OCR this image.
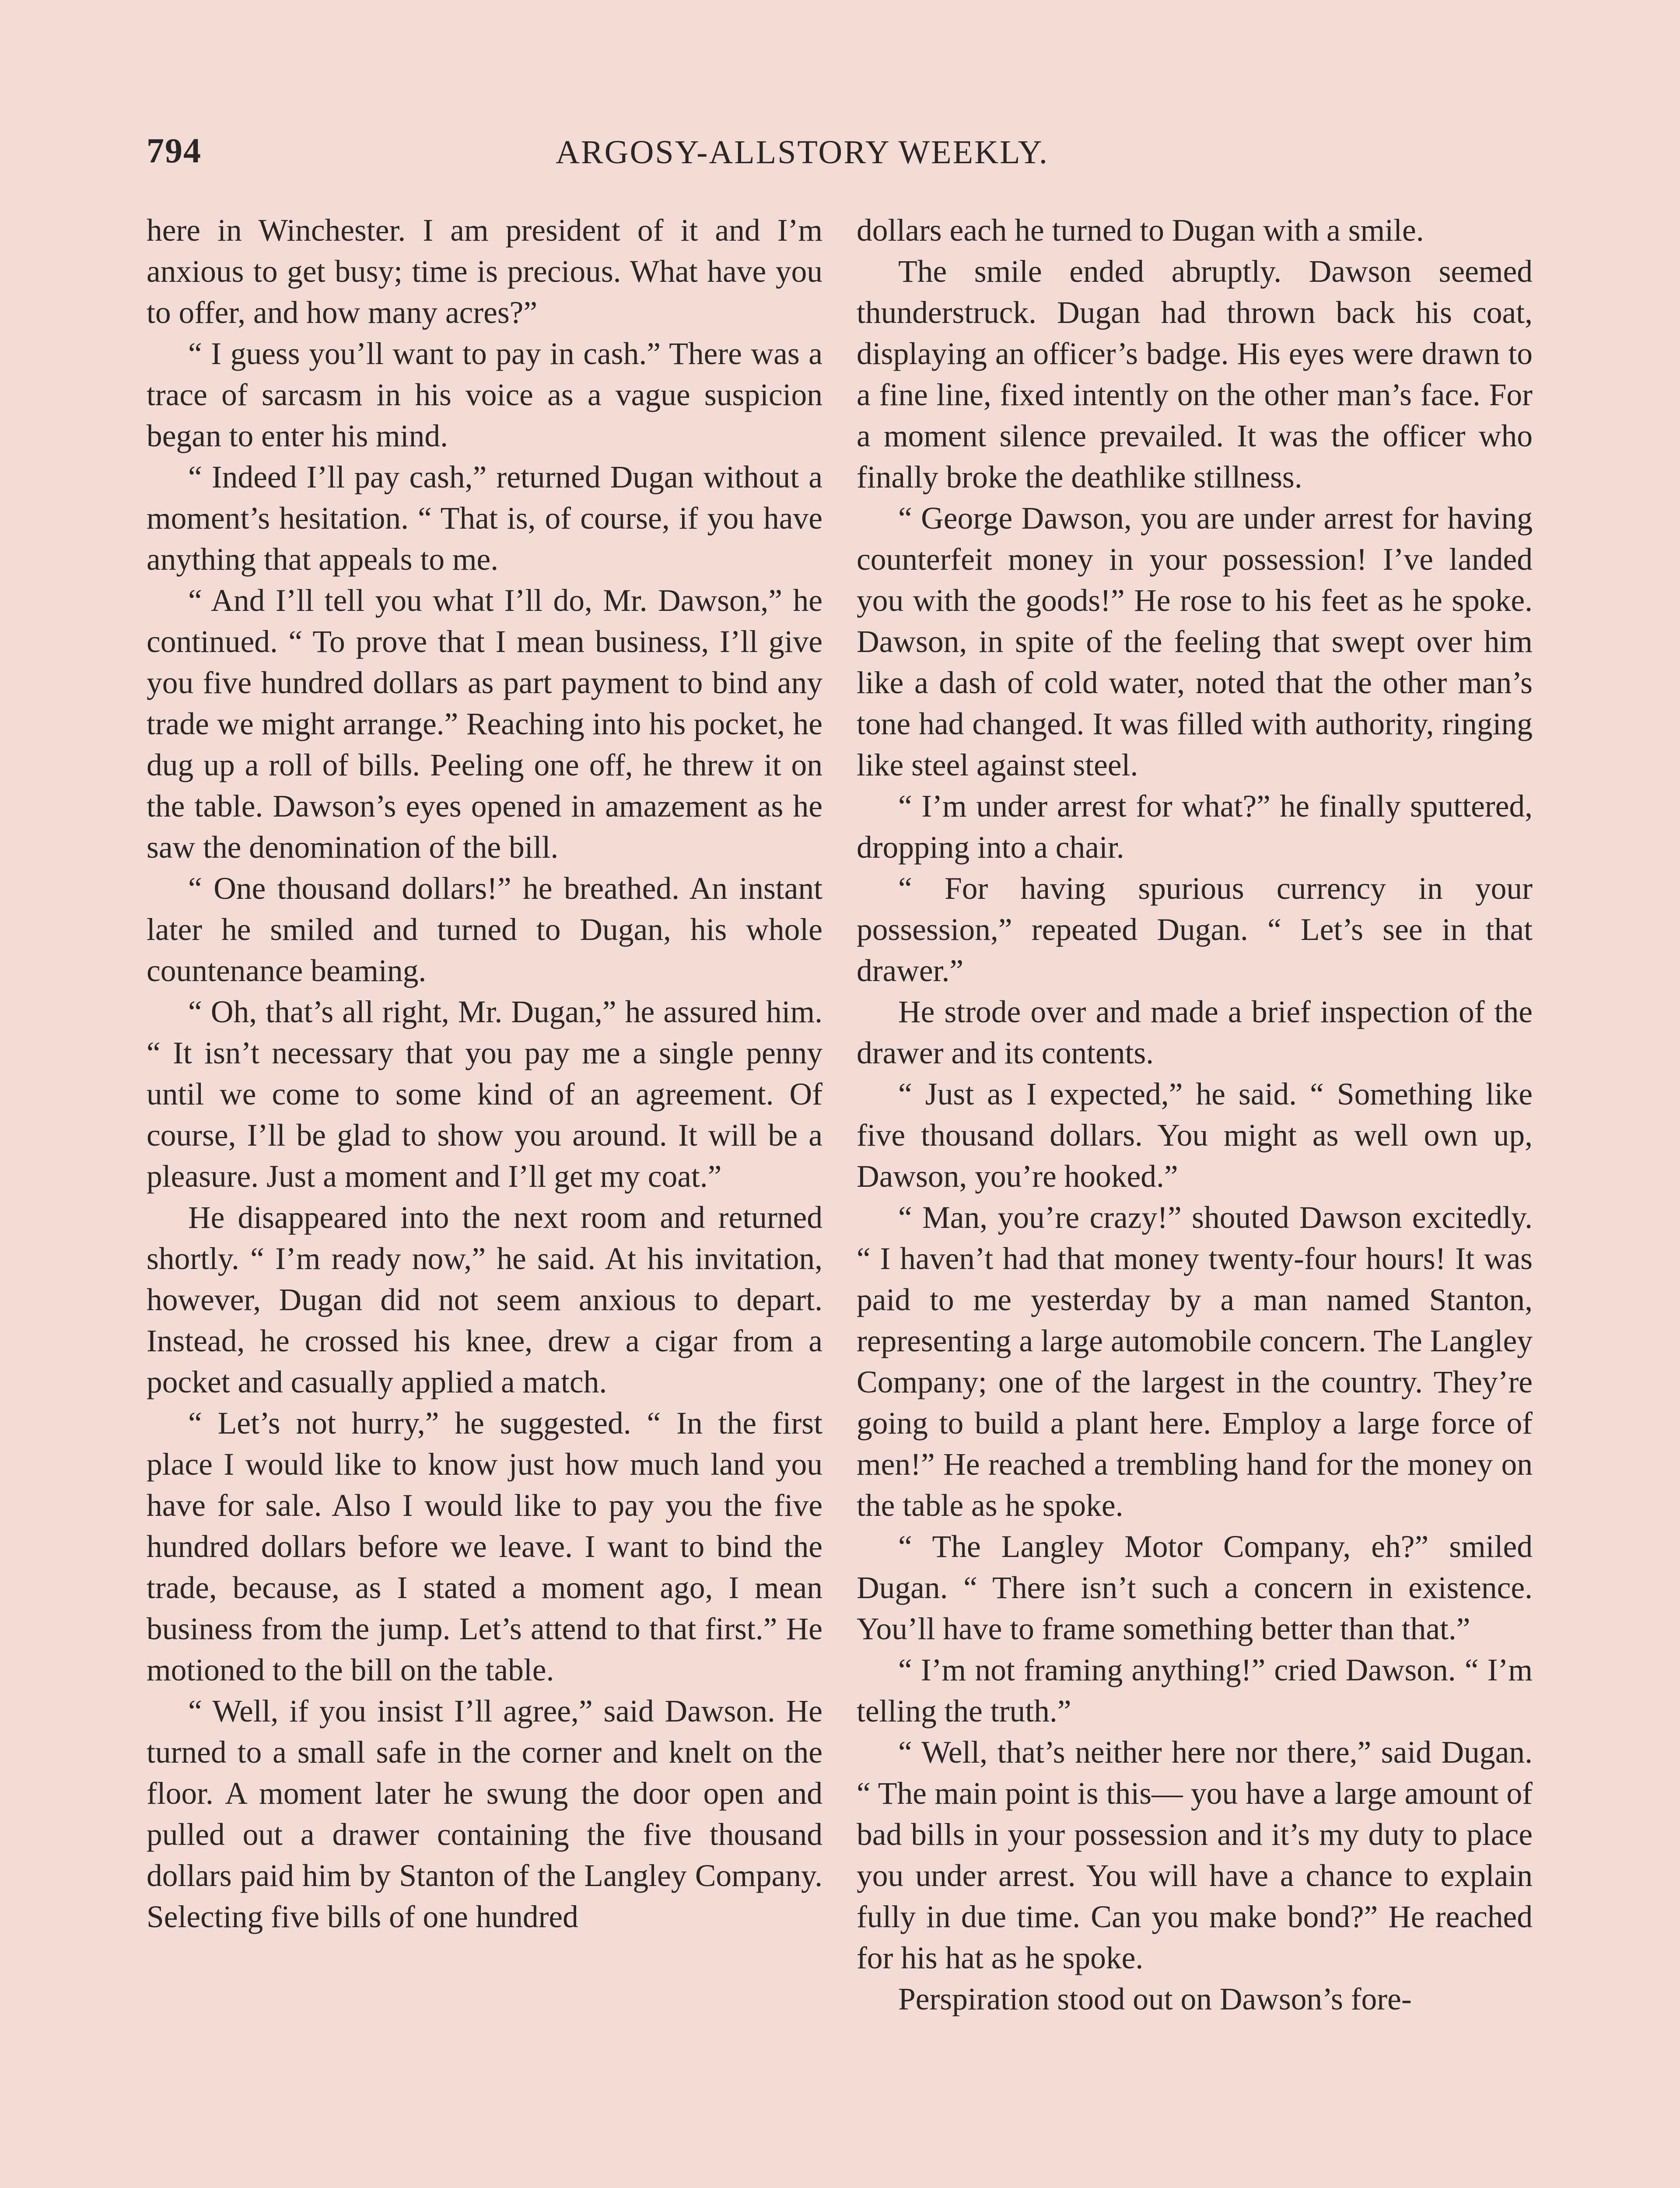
794	ARGOSY-ALLSTORY WEEKLY.

here in Winchester. I am president of it and I’m anxious to get busy; time is precious. What have you to offer, and how many acres?”

“ I guess you’ll want to pay in cash.” There was a trace of sarcasm in his voice as a vague suspicion began to enter his mind.

“ Indeed I’ll pay cash,” returned Dugan without a moment’s hesitation. “ That is, of course, if you have anything that appeals to me.

“ And I’ll tell you what I’ll do, Mr. Dawson,” he continued. “ To prove that I mean business, I’ll give you five hundred dollars as part payment to bind any trade we might arrange.” Reaching into his pocket, he dug up a roll of bills. Peeling one off, he threw it on the table. Dawson’s eyes opened in amazement as he saw the denomination of the bill.

“ One thousand dollars!” he breathed. An instant later he smiled and turned to Dugan, his whole countenance beaming.

“ Oh, that’s all right, Mr. Dugan,” he assured him. “ It isn’t necessary that you pay me a single penny until we come to some kind of an agreement. Of course, I’ll be glad to show you around. It will be a pleasure. Just a moment and I’ll get my coat.”

He disappeared into the next room and returned shortly. “ I’m ready now,” he said. At his invitation, however, Dugan did not seem anxious to depart. Instead, he crossed his knee, drew a cigar from a pocket and casually applied a match.

“ Let’s not hurry,” he suggested. “ In the first place I would like to know just how much land you have for sale. Also I would like to pay you the five hundred dollars before we leave. I want to bind the trade, because, as I stated a moment ago, I mean business from the jump. Let’s attend to that first.” He motioned to the bill on the table.

“ Well, if you insist I’ll agree,” said Dawson. He turned to a small safe in the corner and knelt on the floor. A moment later he swung the door open and pulled out a drawer containing the five thousand dollars paid him by Stanton of the Langley Company. Selecting five bills of one hundred

dollars each he turned to Dugan with a smile.

The smile ended abruptly. Dawson seemed thunderstruck. Dugan had thrown back his coat, displaying an officer’s badge. His eyes were drawn to a fine line, fixed intently on the other man’s face. For a moment silence prevailed. It was the officer who finally broke the deathlike stillness.

“ George Dawson, you are under arrest for having counterfeit money in your possession! I’ve landed you with the goods!” He rose to his feet as he spoke. Dawson, in spite of the feeling that swept over him like a dash of cold water, noted that the other man’s tone had changed. It was filled with authority, ringing like steel against steel.

“ I’m under arrest for what?” he finally sputtered, dropping into a chair.

“ For having spurious currency in your possession,” repeated Dugan. “ Let’s see in that drawer.”

He strode over and made a brief inspection of the drawer and its contents.

“ Just as I expected,” he said. “ Something like five thousand dollars. You might as well own up, Dawson, you’re hooked.”

“ Man, you’re crazy!” shouted Dawson excitedly. “ I haven’t had that money twenty-four hours! It was paid to me yesterday by a man named Stanton, representing a large automobile concern. The Langley Company; one of the largest in the country. They’re going to build a plant here. Employ a large force of men!” He reached a trembling hand for the money on the table as he spoke.

“ The Langley Motor Company, eh?” smiled Dugan. “ There isn’t such a concern in existence. You’ll have to frame something better than that.”

“ I’m not framing anything!” cried Dawson. “ I’m telling the truth.”

“ Well, that’s neither here nor there,” said Dugan. “ The main point is this— you have a large amount of bad bills in your possession and it’s my duty to place you under arrest. You will have a chance to explain fully in due time. Can you make bond?” He reached for his hat as he spoke.

Perspiration stood out on Dawson’s fore-
